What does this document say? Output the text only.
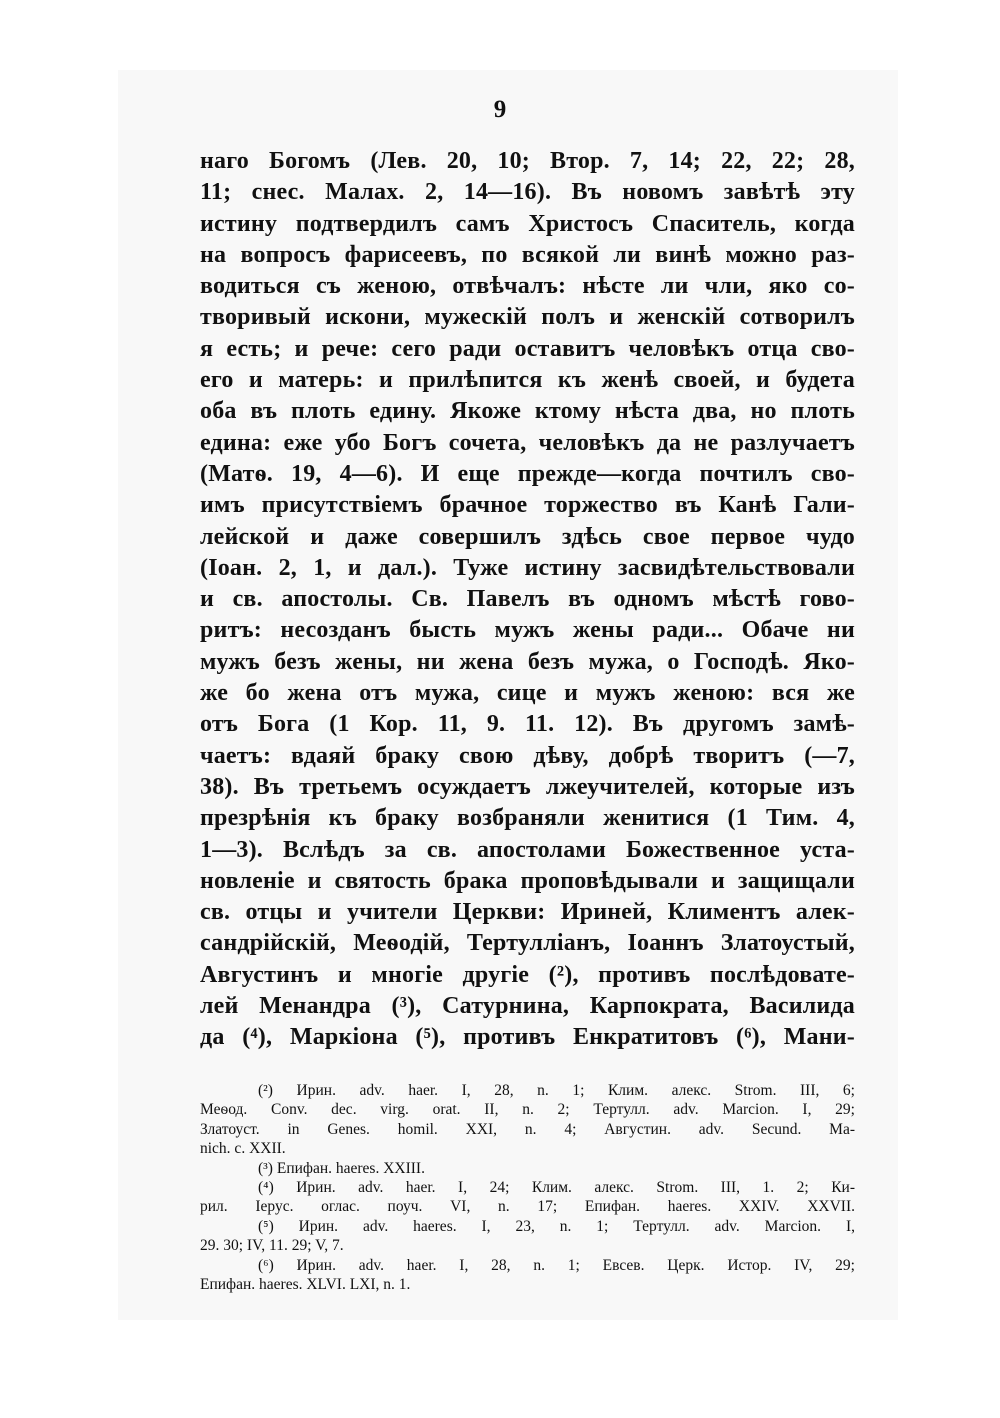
9
наго Богомъ (Лев. 20, 10; Втор. 7, 14; 22, 22; 28,
11; снес. Малах. 2, 14—16). Въ новомъ завѣтѣ эту
истину подтвердилъ самъ Христосъ Спаситель, когда
на вопросъ фарисеевъ, по всякой ли винѣ можно раз-
водиться съ женою, отвѣчалъ: нѣсте ли чли, яко со-
творивый искони, мужескій полъ и женскій сотворилъ
я есть; и рече: сего ради оставитъ человѣкъ отца сво-
его и матерь: и прилѣпится къ женѣ своей, и будета
оба въ плоть едину. Якоже ктому нѣста два, но плоть
едина: еже убо Богъ сочета, человѣкъ да не разлучаетъ
(Матѳ. 19, 4—6). И еще прежде—когда почтилъ сво-
имъ присутствіемъ брачное торжество въ Канѣ Гали-
лейской и даже совершилъ здѣсь свое первое чудо
(Іоан. 2, 1, и дал.). Туже истину засвидѣтельствовали
и св. апостолы. Св. Павелъ въ одномъ мѣстѣ гово-
ритъ: несозданъ бысть мужъ жены ради... Обаче ни
мужъ безъ жены, ни жена безъ мужа, о Господѣ. Яко-
же бо жена отъ мужа, сице и мужъ женою: вся же
отъ Бога (1 Кор. 11, 9. 11. 12). Въ другомъ замѣ-
чаетъ: вдаяй браку свою дѣву, добрѣ творитъ (—7,
38). Въ третьемъ осуждаетъ лжеучителей, которые изъ
презрѣнія къ браку возбраняли женитися (1 Тим. 4,
1—3). Вслѣдъ за св. апостолами Божественное уста-
новленіе и святость брака проповѣдывали и защищали
св. отцы и учители Церкви: Ириней, Климентъ алек-
сандрійскій, Меѳодій, Тертулліанъ, Іоаннъ Златоустый,
Августинъ и многіе другіе (²), противъ послѣдовате-
лей Менандра (³), Сатурнина, Карпократа, Василида
да (⁴), Маркіона (⁵), противъ Енкратитовъ (⁶), Мани-
(²) Ирин. adv. haer. I, 28, n. 1; Клим. алекс. Strom. III, 6;
Меѳод. Conv. dec. virg. orat. II, n. 2; Тертулл. adv. Marcion. I, 29;
Златоуст. in Genes. homil. XXI, n. 4; Августин. adv. Secund. Ma-
nich. c. XXII.
(³) Епифан. haeres. XXIII.
(⁴) Ирин. adv. haer. I, 24; Клим. алекс. Strom. III, 1. 2; Ки-
рил. Іерус. оглас. поуч. VI, n. 17; Епифан. haeres. XXIV. XXVII.
(⁵) Ирин. adv. haeres. I, 23, n. 1; Тертулл. adv. Marcion. I,
29. 30; IV, 11. 29; V, 7.
(⁶) Ирин. adv. haer. I, 28, n. 1; Евсев. Церк. Истор. IV, 29;
Епифан. haeres. XLVI. LXI, n. 1.
